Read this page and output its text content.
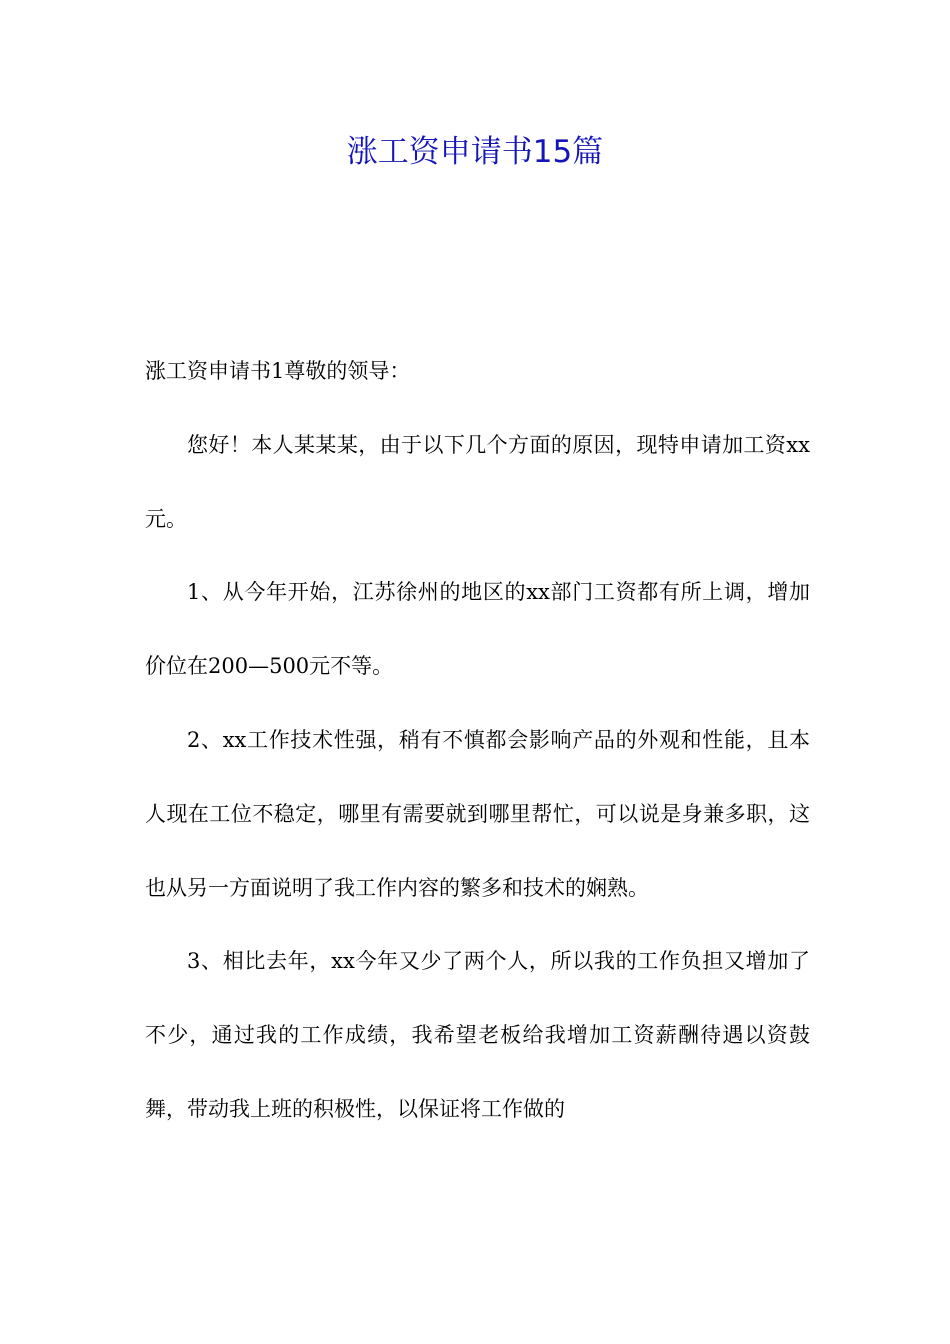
涨工资申请书15篇

涨工资申请书1尊敬的领导：

您好！本人某某某，由于以下几个方面的原因，现特申请加工资xx元。

1、从今年开始，江苏徐州的地区的xx部门工资都有所上调，增加价位在200—500元不等。

2、xx工作技术性强，稍有不慎都会影响产品的外观和性能，且本人现在工位不稳定，哪里有需要就到哪里帮忙，可以说是身兼多职，这也从另一方面说明了我工作内容的繁多和技术的娴熟。

3、相比去年，xx今年又少了两个人，所以我的工作负担又增加了不少，通过我的工作成绩，我希望老板给我增加工资薪酬待遇以资鼓舞，带动我上班的积极性，以保证将工作做的
